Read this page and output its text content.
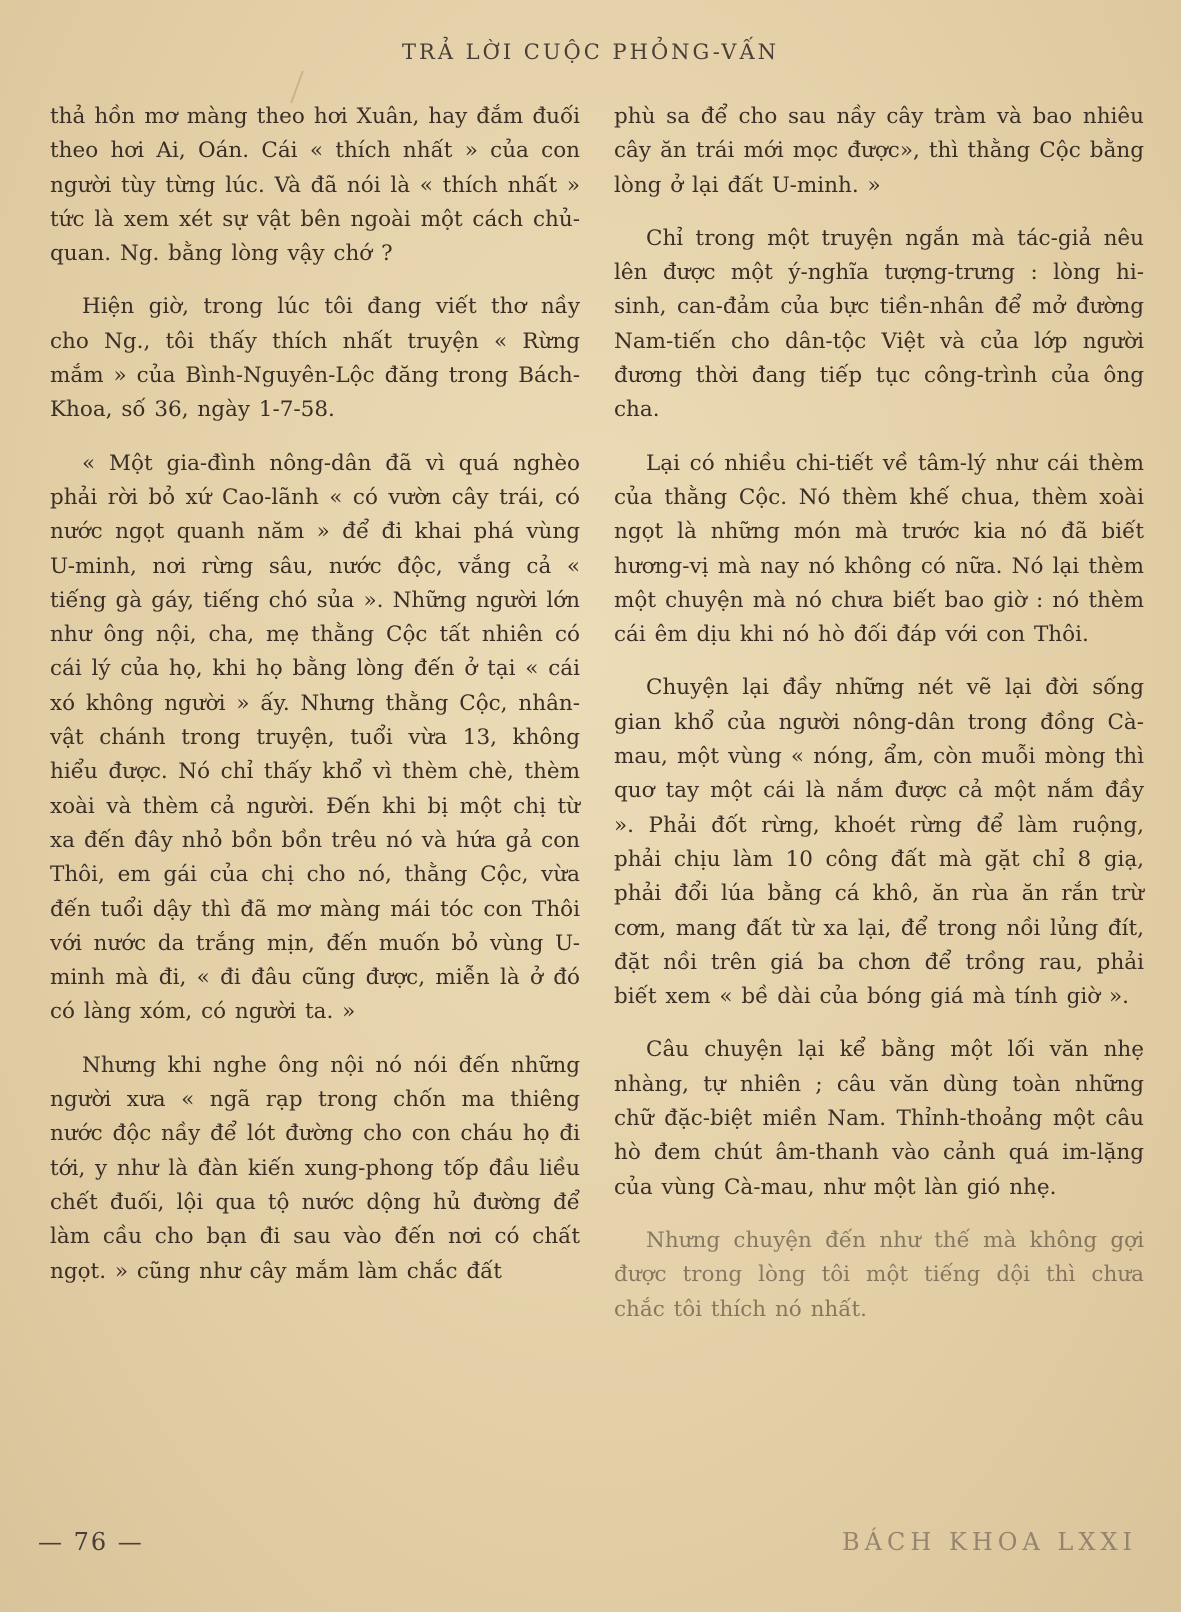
TRẢ LỜI CUỘC PHỎNG-VẤN

thả hồn mơ màng theo hơi Xuân, hay đắm đuối theo hơi Ai, Oán. Cái « thích nhất » của con người tùy từng lúc. Và đã nói là « thích nhất » tức là xem xét sự vật bên ngoài một cách chủ-quan. Ng. bằng lòng vậy chớ ?

Hiện giờ, trong lúc tôi đang viết thơ nầy cho Ng., tôi thấy thích nhất truyện « Rừng mắm » của Bình-Nguyên-Lộc đăng trong Bách-Khoa, số 36, ngày 1-7-58.

« Một gia-đình nông-dân đã vì quá nghèo phải rời bỏ xứ Cao-lãnh « có vườn cây trái, có nước ngọt quanh năm » để đi khai phá vùng U-minh, nơi rừng sâu, nước độc, vắng cả « tiếng gà gáy, tiếng chó sủa ». Những người lớn như ông nội, cha, mẹ thằng Cộc tất nhiên có cái lý của họ, khi họ bằng lòng đến ở tại « cái xó không người » ấy. Nhưng thằng Cộc, nhân-vật chánh trong truyện, tuổi vừa 13, không hiểu được. Nó chỉ thấy khổ vì thèm chè, thèm xoài và thèm cả người. Đến khi bị một chị từ xa đến đây nhỏ bồn bồn trêu nó và hứa gả con Thôi, em gái của chị cho nó, thằng Cộc, vừa đến tuổi dậy thì đã mơ màng mái tóc con Thôi với nước da trắng mịn, đến muốn bỏ vùng U-minh mà đi, « đi đâu cũng được, miễn là ở đó có làng xóm, có người ta. »

Nhưng khi nghe ông nội nó nói đến những người xưa « ngã rạp trong chốn ma thiêng nước độc nầy để lót đường cho con cháu họ đi tới, y như là đàn kiến xung-phong tốp đầu liều chết đuối, lội qua tộ nước dộng hủ đường để làm cầu cho bạn đi sau vào đến nơi có chất ngọt. » cũng như cây mắm làm chắc đất

phù sa để cho sau nầy cây tràm và bao nhiêu cây ăn trái mới mọc được», thì thằng Cộc bằng lòng ở lại đất U-minh. »

Chỉ trong một truyện ngắn mà tác-giả nêu lên được một ý-nghĩa tượng-trưng : lòng hi-sinh, can-đảm của bực tiền-nhân để mở đường Nam-tiến cho dân-tộc Việt và của lớp người đương thời đang tiếp tục công-trình của ông cha.

Lại có nhiều chi-tiết về tâm-lý như cái thèm của thằng Cộc. Nó thèm khế chua, thèm xoài ngọt là những món mà trước kia nó đã biết hương-vị mà nay nó không có nữa. Nó lại thèm một chuyện mà nó chưa biết bao giờ : nó thèm cái êm dịu khi nó hò đối đáp với con Thôi.

Chuyện lại đầy những nét vẽ lại đời sống gian khổ của người nông-dân trong đồng Cà-mau, một vùng « nóng, ẩm, còn muỗi mòng thì quơ tay một cái là nắm được cả một nắm đầy ». Phải đốt rừng, khoét rừng để làm ruộng, phải chịu làm 10 công đất mà gặt chỉ 8 giạ, phải đổi lúa bằng cá khô, ăn rùa ăn rắn trừ cơm, mang đất từ xa lại, để trong nồi lủng đít, đặt nồi trên giá ba chơn để trồng rau, phải biết xem « bề dài của bóng giá mà tính giờ ».

Câu chuyện lại kể bằng một lối văn nhẹ nhàng, tự nhiên ; câu văn dùng toàn những chữ đặc-biệt miền Nam. Thỉnh-thoảng một câu hò đem chút âm-thanh vào cảnh quá im-lặng của vùng Cà-mau, như một làn gió nhẹ.

Nhưng chuyện đến như thế mà không gợi được trong lòng tôi một tiếng dội thì chưa chắc tôi thích nó nhất.

— 76 —	BÁCH KHOA LXXI
